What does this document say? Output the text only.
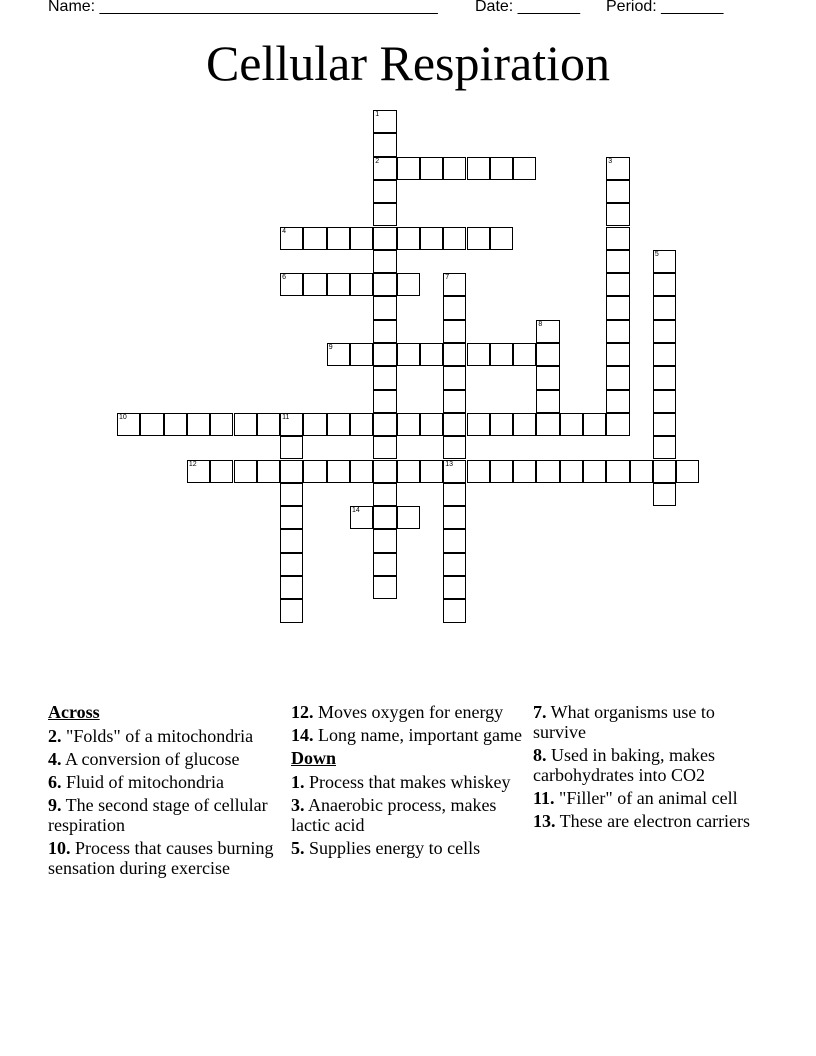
Name: ______________________________________ Date: _______ Period: _______
Cellular Respiration
1
2	3
4
5
6	7
13
8
9
10	11
12
14
Across
2. "Folds" of a mitochondria
4. A conversion of glucose
6. Fluid of mitochondria
9. The second stage of cellular respiration
10. Process that causes burning sensation during exercise
12. Moves oxygen for energy
14. Long name, important game
Down
1. Process that makes whiskey
3. Anaerobic process, makes lactic acid
5. Supplies energy to cells
7. What organisms use to survive
8. Used in baking, makes carbohydrates into CO2
11. "Filler" of an animal cell
13. These are electron carriers
